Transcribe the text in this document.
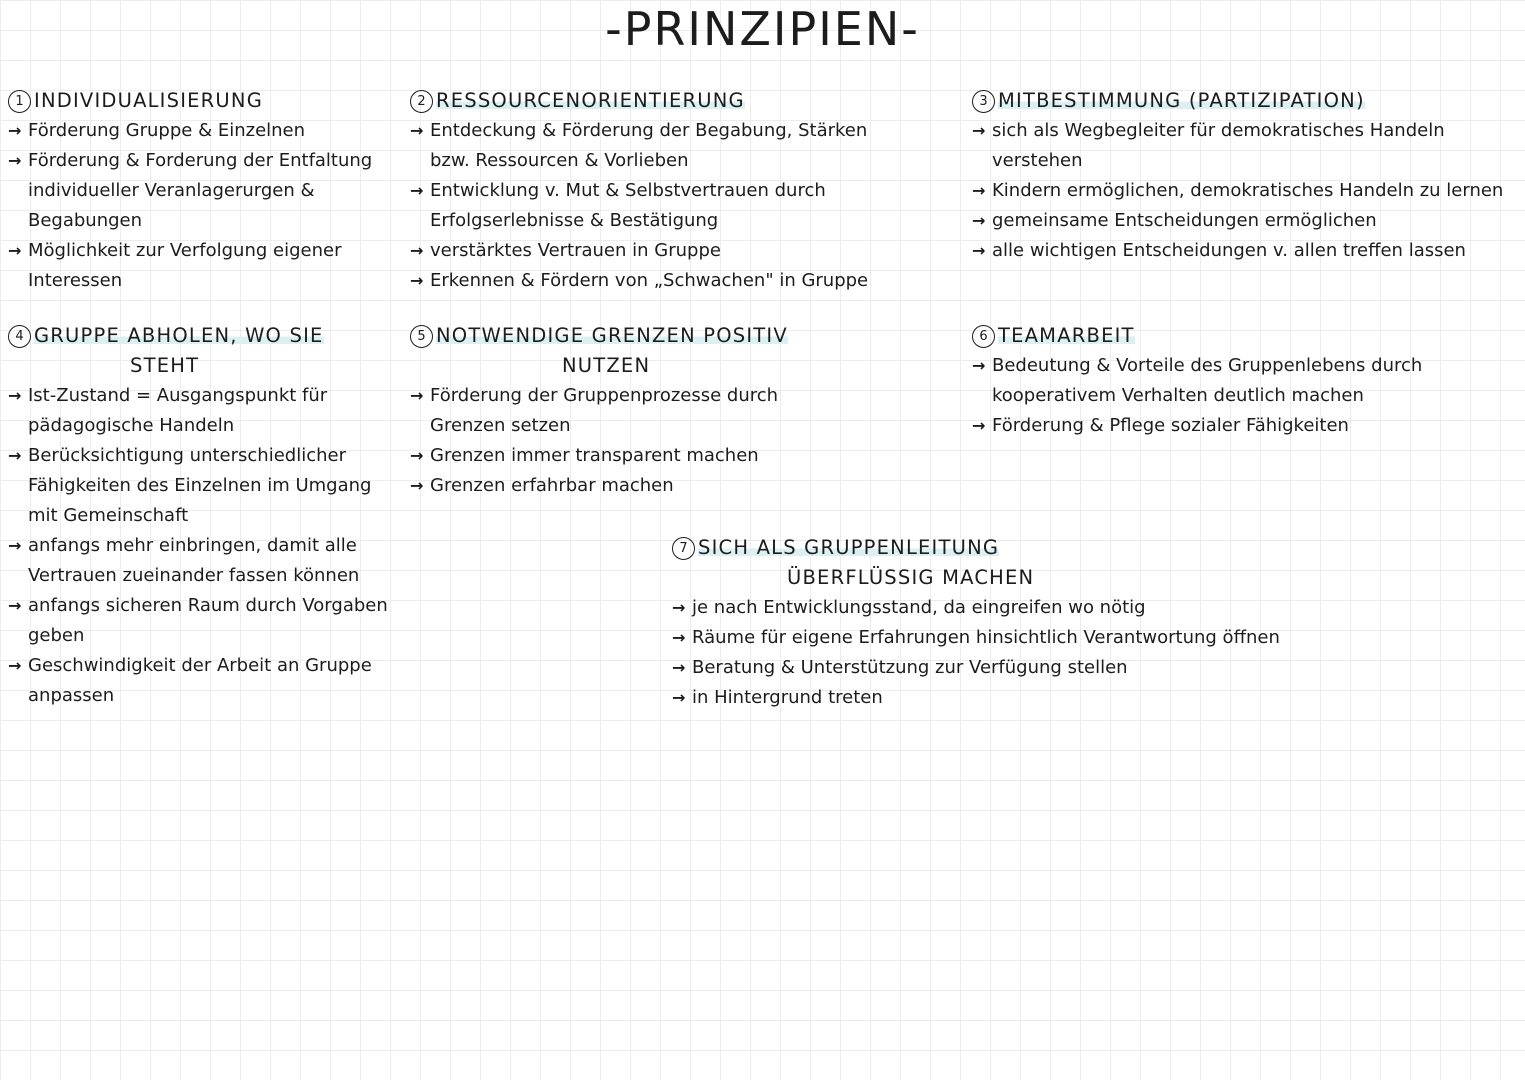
-PRINZIPIEN-
1 INDIVIDUALISIERUNG
→ Förderung Gruppe & Einzelnen
→ Förderung & Forderung der Entfaltung individueller Veranlagerurgen & Begabungen
→ Möglichkeit zur Verfolgung eigener Interessen
2 RESSOURCENORIENTIERUNG
→ Entdeckung & Förderung der Begabung, Stärken bzw. Ressourcen & Vorlieben
→ Entwicklung v. Mut & Selbstvertrauen durch Erfolgserlebnisse & Bestätigung
→ verstärktes Vertrauen in Gruppe
→ Erkennen & Fördern von „Schwachen" in Gruppe
3 MITBESTIMMUNG (PARTIZIPATION)
→ sich als Wegbegleiter für demokratisches Handeln verstehen
→ Kindern ermöglichen, demokratisches Handeln zu lernen
→ gemeinsame Entscheidungen ermöglichen
→ alle wichtigen Entscheidungen v. allen treffen lassen
4 GRUPPE ABHOLEN, WO SIE
STEHT
→ Ist-Zustand = Ausgangspunkt für pädagogische Handeln
→ Berücksichtigung unterschiedlicher Fähigkeiten des Einzelnen im Umgang mit Gemeinschaft
→ anfangs mehr einbringen, damit alle Vertrauen zueinander fassen können
→ anfangs sicheren Raum durch Vorgaben geben
→ Geschwindigkeit der Arbeit an Gruppe anpassen
5 NOTWENDIGE GRENZEN POSITIV
NUTZEN
→ Förderung der Gruppenprozesse durch Grenzen setzen
→ Grenzen immer transparent machen
→ Grenzen erfahrbar machen
6 TEAMARBEIT
→ Bedeutung & Vorteile des Gruppenlebens durch kooperativem Verhalten deutlich machen
→ Förderung & Pflege sozialer Fähigkeiten
7 SICH ALS GRUPPENLEITUNG
ÜBERFLÜSSIG MACHEN
→ je nach Entwicklungsstand, da eingreifen wo nötig
→ Räume für eigene Erfahrungen hinsichtlich Verantwortung öffnen
→ Beratung & Unterstützung zur Verfügung stellen
→ in Hintergrund treten
